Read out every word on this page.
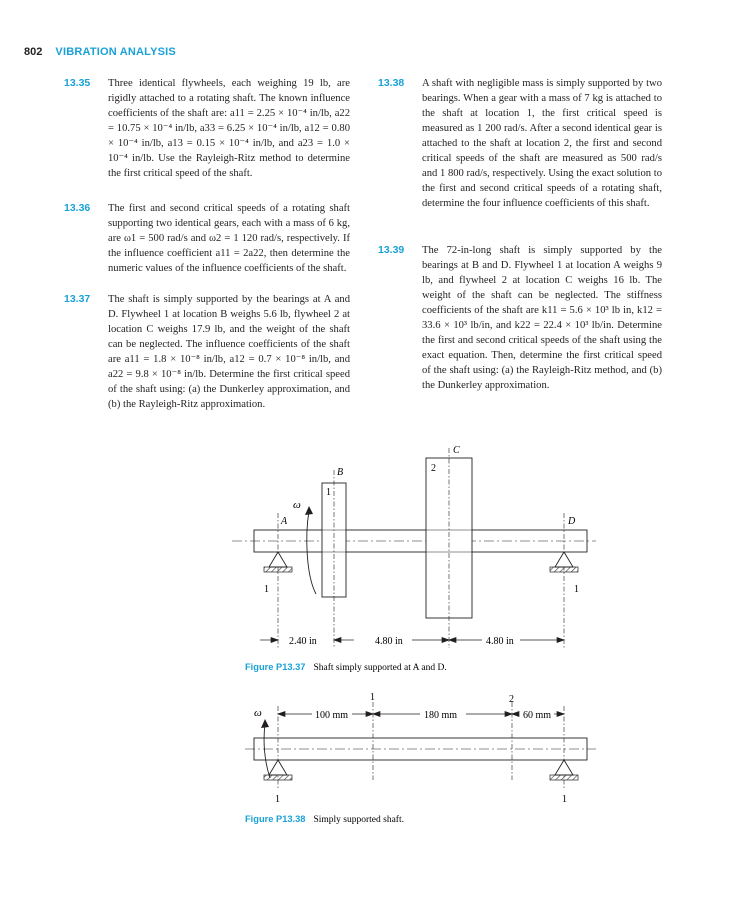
802 VIBRATION ANALYSIS
13.35 Three identical flywheels, each weighing 19 lb, are rigidly attached to a rotating shaft. The known influence coefficients of the shaft are: a11 = 2.25 × 10⁻⁴ in/lb, a22 = 10.75 × 10⁻⁴ in/lb, a33 = 6.25 × 10⁻⁴ in/lb, a12 = 0.80 × 10⁻⁴ in/lb, a13 = 0.15 × 10⁻⁴ in/lb, and a23 = 1.0 × 10⁻⁴ in/lb. Use the Rayleigh-Ritz method to determine the first critical speed of the shaft.
13.36 The first and second critical speeds of a rotating shaft supporting two identical gears, each with a mass of 6 kg, are ω1 = 500 rad/s and ω2 = 1 120 rad/s, respectively. If the influence coefficient a11 = 2a22, then determine the numeric values of the influence coefficients of the shaft.
13.37 The shaft is simply supported by the bearings at A and D. Flywheel 1 at location B weighs 5.6 lb, flywheel 2 at location C weighs 17.9 lb, and the weight of the shaft can be neglected. The influence coefficients of the shaft are a11 = 1.8 × 10⁻⁸ in/lb, a12 = 0.7 × 10⁻⁸ in/lb, and a22 = 9.8 × 10⁻⁸ in/lb. Determine the first critical speed of the shaft using: (a) the Dunkerley approximation, and (b) the Rayleigh-Ritz approximation.
13.38 A shaft with negligible mass is simply supported by two bearings. When a gear with a mass of 7 kg is attached to the shaft at location 1, the first critical speed is measured as 1 200 rad/s. After a second identical gear is attached to the shaft at location 2, the first and second critical speeds of the shaft are measured as 500 rad/s and 1 800 rad/s, respectively. Using the exact solution to the first and second critical speeds of a rotating shaft, determine the four influence coefficients of this shaft.
13.39 The 72-in-long shaft is simply supported by the bearings at B and D. Flywheel 1 at location A weighs 9 lb, and flywheel 2 at location C weighs 16 lb. The weight of the shaft can be neglected. The stiffness coefficients of the shaft are k11 = 5.6 × 10³ lb in, k12 = 33.6 × 10³ lb/in, and k22 = 22.4 × 10³ lb/in. Determine the first and second critical speeds of the shaft using the exact equation. Then, determine the first critical speed of the shaft using: (a) the Rayleigh-Ritz method, and (b) the Dunkerley approximation.
ω
A
B
C
D
1
2
1	1
2.40 in	4.80 in	4.80 in
Figure P13.37 Shaft simply supported at A and D.
ω
1	2
1	1
100 mm	180 mm	60 mm
Figure P13.38 Simply supported shaft.
